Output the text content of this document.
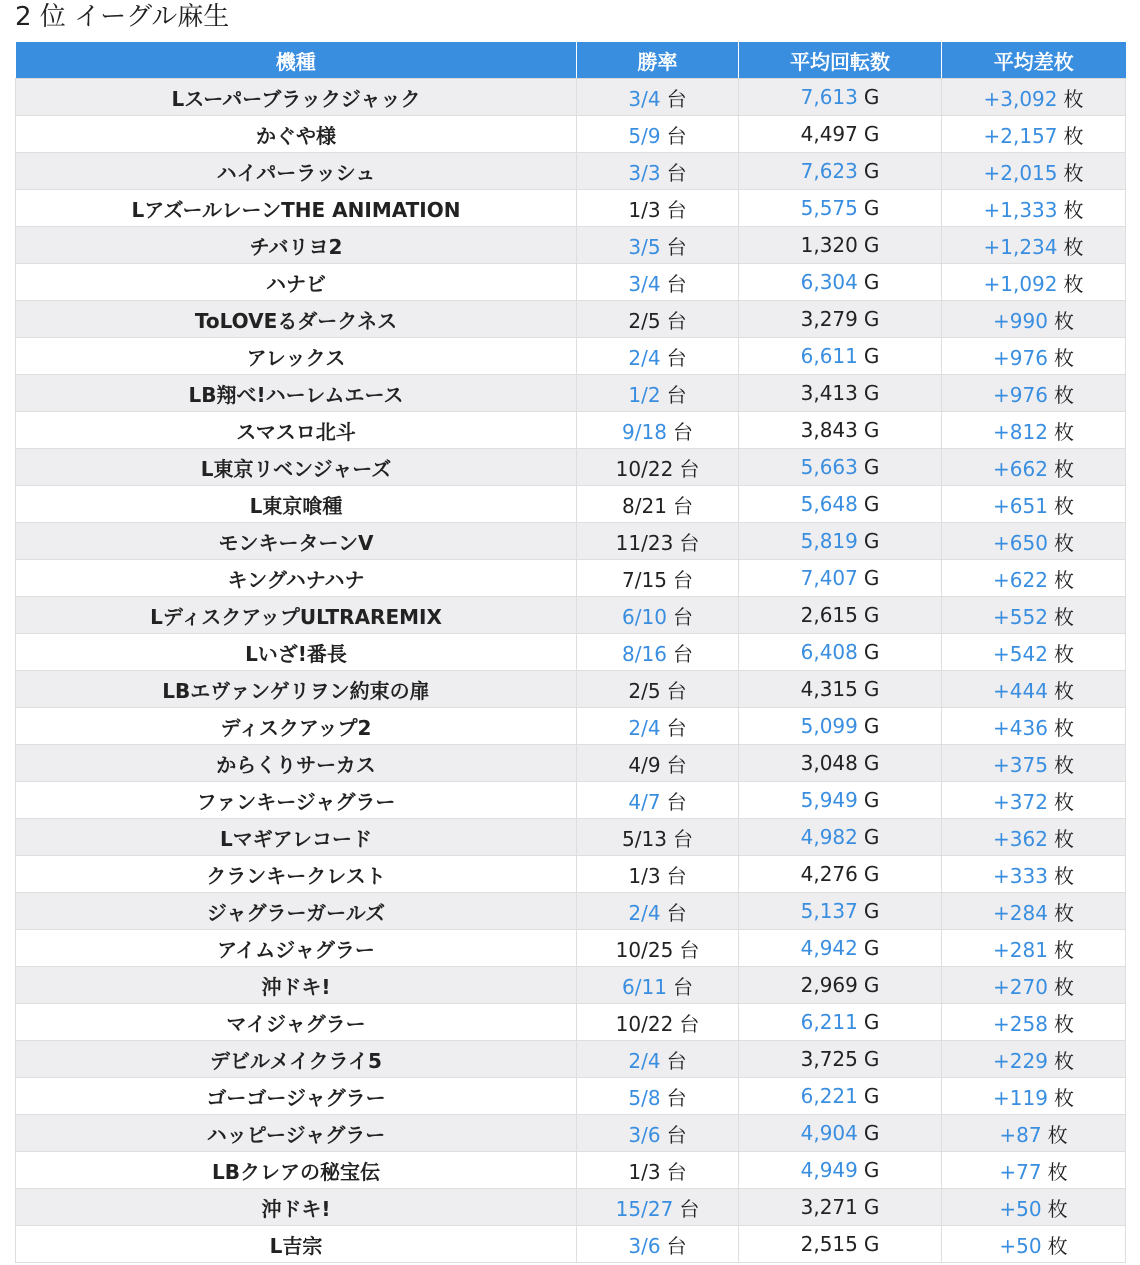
2 位 イーグル麻生
機種	勝率	平均回転数	平均差枚
Lスーパーブラックジャック	3/4 台	7,613 G	+3,092 枚
かぐや様	5/9 台	4,497 G	+2,157 枚
ハイパーラッシュ	3/3 台	7,623 G	+2,015 枚
LアズールレーンTHE ANIMATION	1/3 台	5,575 G	+1,333 枚
チバリヨ2	3/5 台	1,320 G	+1,234 枚
ハナビ	3/4 台	6,304 G	+1,092 枚
ToLOVEるダークネス	2/5 台	3,279 G	+990 枚
アレックス	2/4 台	6,611 G	+976 枚
LB翔べ!ハーレムエース	1/2 台	3,413 G	+976 枚
スマスロ北斗	9/18 台	3,843 G	+812 枚
L東京リベンジャーズ	10/22 台	5,663 G	+662 枚
L東京喰種	8/21 台	5,648 G	+651 枚
モンキーターンV	11/23 台	5,819 G	+650 枚
キングハナハナ	7/15 台	7,407 G	+622 枚
LディスクアップULTRAREMIX	6/10 台	2,615 G	+552 枚
Lいざ!番長	8/16 台	6,408 G	+542 枚
LBエヴァンゲリヲン約束の扉	2/5 台	4,315 G	+444 枚
ディスクアップ2	2/4 台	5,099 G	+436 枚
からくりサーカス	4/9 台	3,048 G	+375 枚
ファンキージャグラー	4/7 台	5,949 G	+372 枚
Lマギアレコード	5/13 台	4,982 G	+362 枚
クランキークレスト	1/3 台	4,276 G	+333 枚
ジャグラーガールズ	2/4 台	5,137 G	+284 枚
アイムジャグラー	10/25 台	4,942 G	+281 枚
沖ドキ!	6/11 台	2,969 G	+270 枚
マイジャグラー	10/22 台	6,211 G	+258 枚
デビルメイクライ5	2/4 台	3,725 G	+229 枚
ゴーゴージャグラー	5/8 台	6,221 G	+119 枚
ハッピージャグラー	3/6 台	4,904 G	+87 枚
LBクレアの秘宝伝	1/3 台	4,949 G	+77 枚
沖ドキ!	15/27 台	3,271 G	+50 枚
L吉宗	3/6 台	2,515 G	+50 枚
